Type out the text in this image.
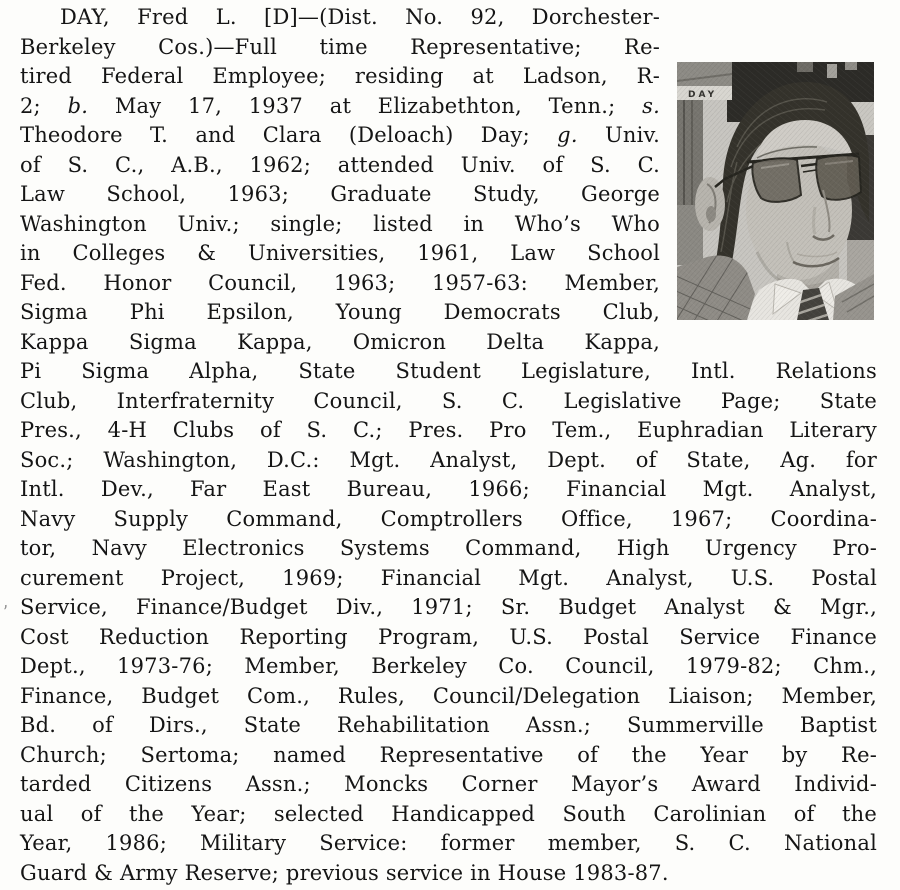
DAY, Fred L. [D]—(Dist. No. 92, Dorchester-
Berkeley Cos.)—Full time Representative; Re-
tired Federal Employee; residing at Ladson, R-
2; b. May 17, 1937 at Elizabethton, Tenn.; s.
Theodore T. and Clara (Deloach) Day; g. Univ.
of S. C., A.B., 1962; attended Univ. of S. C.
Law School, 1963; Graduate Study, George
Washington Univ.; single; listed in Who’s Who
in Colleges & Universities, 1961, Law School
Fed. Honor Council, 1963; 1957-63: Member,
Sigma Phi Epsilon, Young Democrats Club,
Kappa Sigma Kappa, Omicron Delta Kappa,
Pi Sigma Alpha, State Student Legislature, Intl. Relations
Club, Interfraternity Council, S. C. Legislative Page; State
Pres., 4-H Clubs of S. C.; Pres. Pro Tem., Euphradian Literary
Soc.; Washington, D.C.: Mgt. Analyst, Dept. of State, Ag. for
Intl. Dev., Far East Bureau, 1966; Financial Mgt. Analyst,
Navy Supply Command, Comptrollers Office, 1967; Coordina-
tor, Navy Electronics Systems Command, High Urgency Pro-
curement Project, 1969; Financial Mgt. Analyst, U.S. Postal
Service, Finance/Budget Div., 1971; Sr. Budget Analyst & Mgr.,
Cost Reduction Reporting Program, U.S. Postal Service Finance
Dept., 1973-76; Member, Berkeley Co. Council, 1979-82; Chm.,
Finance, Budget Com., Rules, Council/Delegation Liaison; Member,
Bd. of Dirs., State Rehabilitation Assn.; Summerville Baptist
Church; Sertoma; named Representative of the Year by Re-
tarded Citizens Assn.; Moncks Corner Mayor’s Award Individ-
ual of the Year; selected Handicapped South Carolinian of the
Year, 1986; Military Service: former member, S. C. National
Guard & Army Reserve; previous service in House 1983-87.
‚
DAY
